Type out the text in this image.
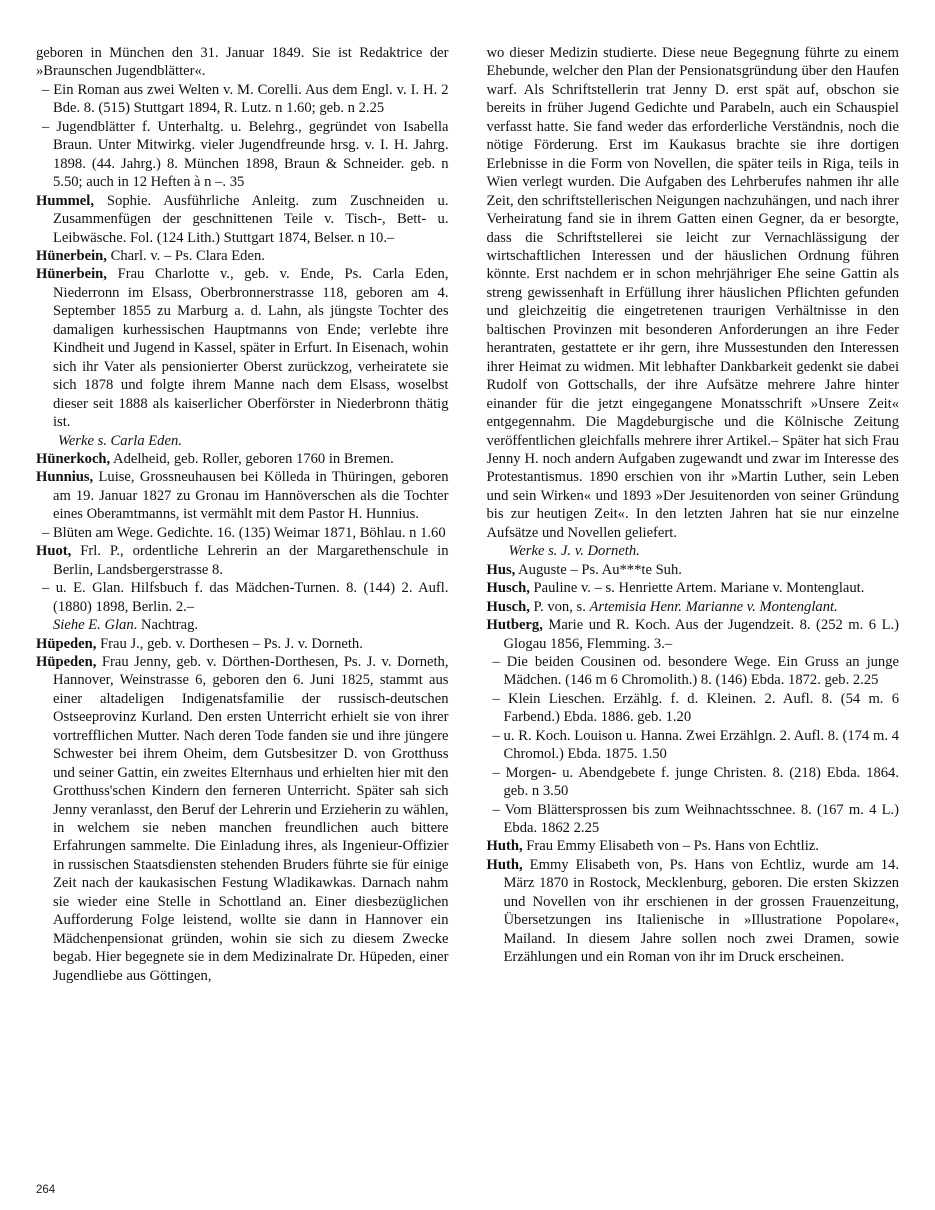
geboren in München den 31. Januar 1849. Sie ist Redaktrice der »Braunschen Jugendblätter«.

– Ein Roman aus zwei Welten v. M. Corelli. Aus dem Engl. v. I. H. 2 Bde. 8. (515) Stuttgart 1894, R. Lutz. n 1.60; geb. n 2.25

– Jugendblätter f. Unterhaltg. u. Belehrg., gegründet von Isabella Braun. Unter Mitwirkg. vieler Jugendfreunde hrsg. v. I. H. Jahrg. 1898. (44. Jahrg.) 8. München 1898, Braun & Schneider. geb. n 5.50; auch in 12 Heften à n –. 35

Hummel, Sophie. Ausführliche Anleitg. zum Zuschneiden u. Zusammenfügen der geschnittenen Teile v. Tisch-, Bett- u. Leibwäsche. Fol. (124 Lith.) Stuttgart 1874, Belser. n 10.–

Hünerbein, Charl. v. – Ps. Clara Eden.

Hünerbein, Frau Charlotte v., geb. v. Ende, Ps. Carla Eden, Niederronn im Elsass, Oberbronnerstrasse 118, geboren am 4. September 1855 zu Marburg a. d. Lahn, als jüngste Tochter des damaligen kurhessischen Hauptmanns von Ende; verlebte ihre Kindheit und Jugend in Kassel, später in Erfurt. In Eisenach, wohin sich ihr Vater als pensionierter Oberst zurückzog, verheiratete sie sich 1878 und folgte ihrem Manne nach dem Elsass, woselbst dieser seit 1888 als kaiserlicher Oberförster in Niederbronn thätig ist.

Werke s. Carla Eden.

Hünerkoch, Adelheid, geb. Roller, geboren 1760 in Bremen.

Hunnius, Luise, Grossneuhausen bei Kölleda in Thüringen, geboren am 19. Januar 1827 zu Gronau im Hannöverschen als die Tochter eines Oberamtmanns, ist vermählt mit dem Pastor H. Hunnius.

– Blüten am Wege. Gedichte. 16. (135) Weimar 1871, Böhlau. n 1.60

Huot, Frl. P., ordentliche Lehrerin an der Margarethenschule in Berlin, Landsbergerstrasse 8.

– u. E. Glan. Hilfsbuch f. das Mädchen-Turnen. 8. (144) 2. Aufl. (1880) 1898, Berlin. 2.–

Siehe E. Glan. Nachtrag.

Hüpeden, Frau J., geb. v. Dorthesen – Ps. J. v. Dorneth.

Hüpeden, Frau Jenny, geb. v. Dörthen-Dorthesen, Ps. J. v. Dorneth, Hannover, Weinstrasse 6, geboren den 6. Juni 1825, stammt aus einer altadeligen Indigenatsfamilie der russisch-deutschen Ostseeprovinz Kurland. Den ersten Unterricht erhielt sie von ihrer vortrefflichen Mutter. Nach deren Tode fanden sie und ihre jüngere Schwester bei ihrem Oheim, dem Gutsbesitzer D. von Grotthuss und seiner Gattin, ein zweites Elternhaus und erhielten hier mit den Grotthuss'schen Kindern den ferneren Unterricht. Später sah sich Jenny veranlasst, den Beruf der Lehrerin und Erzieherin zu wählen, in welchem sie neben manchen freundlichen auch bittere Erfahrungen sammelte. Die Einladung ihres, als Ingenieur-Offizier in russischen Staatsdiensten stehenden Bruders führte sie für einige Zeit nach der kaukasischen Festung Wladikawkas. Darnach nahm sie wieder eine Stelle in Schottland an. Einer diesbezüglichen Aufforderung Folge leistend, wollte sie dann in Hannover ein Mädchenpensionat gründen, wohin sie sich zu diesem Zwecke begab. Hier begegnete sie in dem Medizinalrate Dr. Hüpeden, einer Jugendliebe aus Göttingen,

wo dieser Medizin studierte. Diese neue Begegnung führte zu einem Ehebunde, welcher den Plan der Pensionatsgründung über den Haufen warf. Als Schriftstellerin trat Jenny D. erst spät auf, obschon sie bereits in früher Jugend Gedichte und Parabeln, auch ein Schauspiel verfasst hatte. Sie fand weder das erforderliche Verständnis, noch die nötige Förderung. Erst im Kaukasus brachte sie ihre dortigen Erlebnisse in die Form von Novellen, die später teils in Riga, teils in Wien verlegt wurden. Die Aufgaben des Lehrberufes nahmen ihr alle Zeit, den schriftstellerischen Neigungen nachzuhängen, und nach ihrer Verheiratung fand sie in ihrem Gatten einen Gegner, da er besorgte, dass die Schriftstellerei sie leicht zur Vernachlässigung der wirtschaftlichen Interessen und der häuslichen Ordnung führen könnte. Erst nachdem er in schon mehrjähriger Ehe seine Gattin als streng gewissenhaft in Erfüllung ihrer häuslichen Pflichten gefunden und gleichzeitig die eingetretenen traurigen Verhältnisse in den baltischen Provinzen mit besonderen Anforderungen an ihre Feder herantraten, gestattete er ihr gern, ihre Mussestunden den Interessen ihrer Heimat zu widmen. Mit lebhafter Dankbarkeit gedenkt sie dabei Rudolf von Gottschalls, der ihre Aufsätze mehrere Jahre hinter einander für die jetzt eingegangene Monatsschrift »Unsere Zeit« entgegennahm. Die Magdeburgische und die Kölnische Zeitung veröffentlichen gleichfalls mehrere ihrer Artikel.– Später hat sich Frau Jenny H. noch andern Aufgaben zugewandt und zwar im Interesse des Protestantismus. 1890 erschien von ihr »Martin Luther, sein Leben und sein Wirken« und 1893 »Der Jesuitenorden von seiner Gründung bis zur heutigen Zeit«. In den letzten Jahren hat sie nur einzelne Aufsätze und Novellen geliefert.

Werke s. J. v. Dorneth.

Hus, Auguste – Ps. Au***te Suh.

Husch, Pauline v. – s. Henriette Artem. Mariane v. Montenglaut.

Husch, P. von, s. Artemisia Henr. Marianne v. Montenglant.

Hutberg, Marie und R. Koch. Aus der Jugendzeit. 8. (252 m. 6 L.) Glogau 1856, Flemming. 3.–

– Die beiden Cousinen od. besondere Wege. Ein Gruss an junge Mädchen. (146 m 6 Chromolith.) 8. (146) Ebda. 1872. geb. 2.25

– Klein Lieschen. Erzählg. f. d. Kleinen. 2. Aufl. 8. (54 m. 6 Farbend.) Ebda. 1886. geb. 1.20

– u. R. Koch. Louison u. Hanna. Zwei Erzählgn. 2. Aufl. 8. (174 m. 4 Chromol.) Ebda. 1875. 1.50

– Morgen- u. Abendgebete f. junge Christen. 8. (218) Ebda. 1864. geb. n 3.50

– Vom Blättersprossen bis zum Weihnachtsschnee. 8. (167 m. 4 L.) Ebda. 1862 2.25

Huth, Frau Emmy Elisabeth von – Ps. Hans von Echtliz.

Huth, Emmy Elisabeth von, Ps. Hans von Echtliz, wurde am 14. März 1870 in Rostock, Mecklenburg, geboren. Die ersten Skizzen und Novellen von ihr erschienen in der grossen Frauenzeitung, Übersetzungen ins Italienische in »Illustratione Popolare«, Mailand. In diesem Jahre sollen noch zwei Dramen, sowie Erzählungen und ein Roman von ihr im Druck erscheinen.

264
